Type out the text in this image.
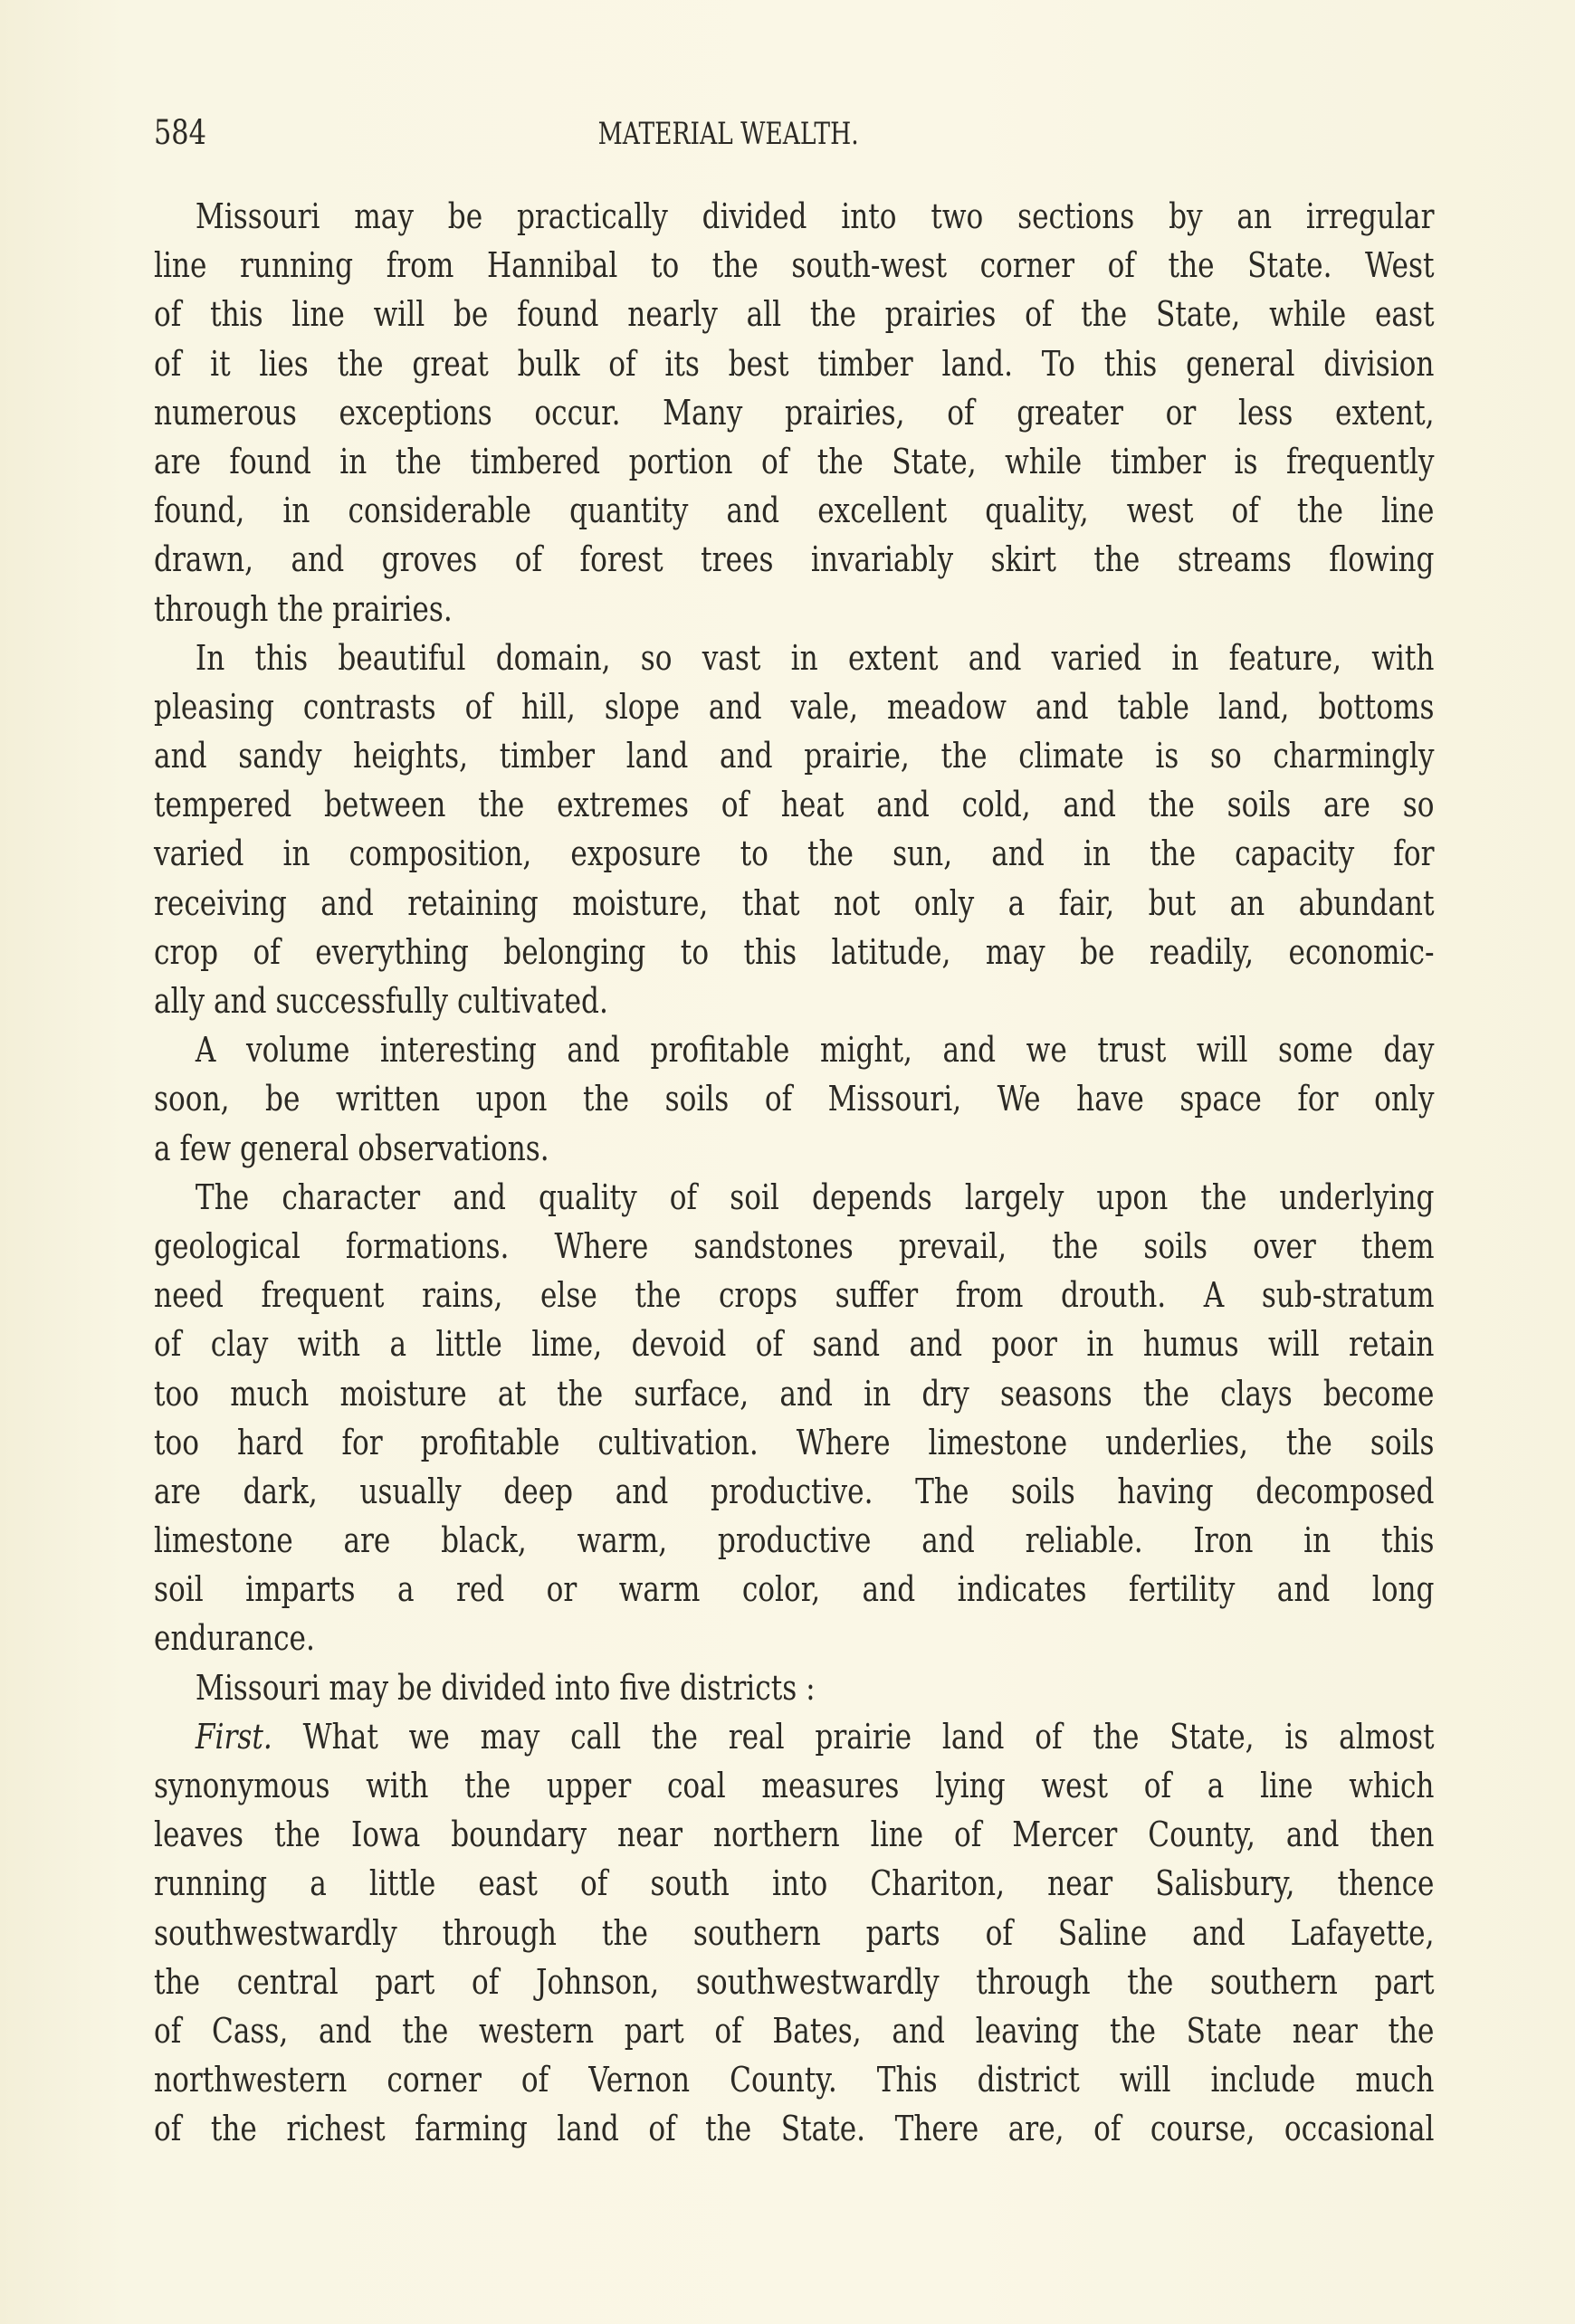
584	MATERIAL WEALTH.
Missouri may be practically divided into two sections by an irregular
line running from Hannibal to the south-west corner of the State. West
of this line will be found nearly all the prairies of the State, while east
of it lies the great bulk of its best timber land. To this general division
numerous exceptions occur. Many prairies, of greater or less extent,
are found in the timbered portion of the State, while timber is frequently
found, in considerable quantity and excellent quality, west of the line
drawn, and groves of forest trees invariably skirt the streams flowing
through the prairies.
In this beautiful domain, so vast in extent and varied in feature, with
pleasing contrasts of hill, slope and vale, meadow and table land, bottoms
and sandy heights, timber land and prairie, the climate is so charmingly
tempered between the extremes of heat and cold, and the soils are so
varied in composition, exposure to the sun, and in the capacity for
receiving and retaining moisture, that not only a fair, but an abundant
crop of everything belonging to this latitude, may be readily, economic-
ally and successfully cultivated.
A volume interesting and profitable might, and we trust will some day
soon, be written upon the soils of Missouri, We have space for only
a few general observations.
The character and quality of soil depends largely upon the underlying
geological formations. Where sandstones prevail, the soils over them
need frequent rains, else the crops suffer from drouth. A sub-stratum
of clay with a little lime, devoid of sand and poor in humus will retain
too much moisture at the surface, and in dry seasons the clays become
too hard for profitable cultivation. Where limestone underlies, the soils
are dark, usually deep and productive. The soils having decomposed
limestone are black, warm, productive and reliable. Iron in this
soil imparts a red or warm color, and indicates fertility and long
endurance.
Missouri may be divided into five districts :
First. What we may call the real prairie land of the State, is almost
synonymous with the upper coal measures lying west of a line which
leaves the Iowa boundary near northern line of Mercer County, and then
running a little east of south into Chariton, near Salisbury, thence
southwestwardly through the southern parts of Saline and Lafayette,
the central part of Johnson, southwestwardly through the southern part
of Cass, and the western part of Bates, and leaving the State near the
northwestern corner of Vernon County. This district will include much
of the richest farming land of the State. There are, of course, occasional
